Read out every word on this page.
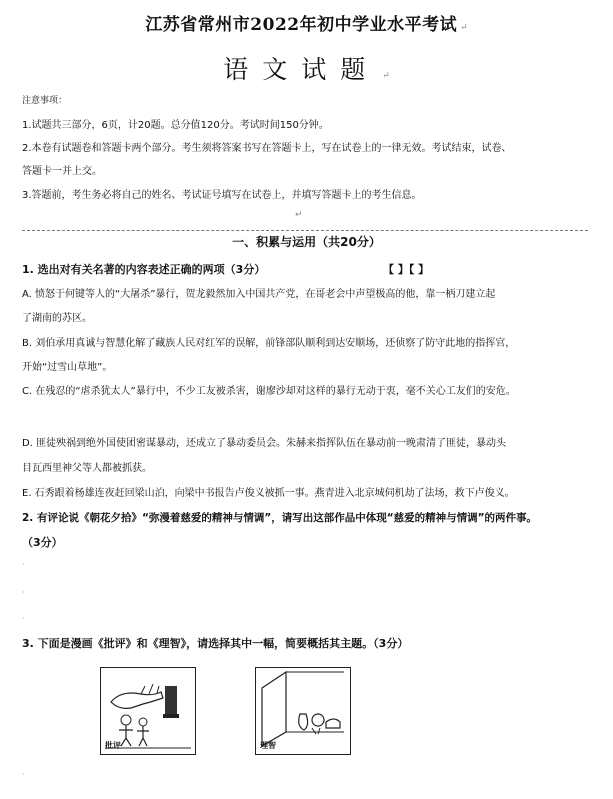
江苏省常州市2022年初中学业水平考试 ↵
语文试题 ↵
注意事项：
1.试题共三部分，6页，计20题。总分值120分。考试时间150分钟。
2.本卷有试题卷和答题卡两个部分。考生须将答案书写在答题卡上，写在试卷上的一律无效。考试结束，试卷、
答题卡一并上交。
3.答题前，考生务必将自己的姓名、考试证号填写在试卷上，并填写答题卡上的考生信息。
↵
一、积累与运用（共20分）
1. 选出对有关名著的内容表述正确的两项（3分）	【 】【 】
A. 愤怒于何键等人的“大屠杀”暴行，贺龙毅然加入中国共产党，在哥老会中声望极高的他，靠一柄刀建立起
了湖南的苏区。
B. 刘伯承用真诚与智慧化解了藏族人民对红军的误解，前锋部队顺利到达安顺场，还侦察了防守此地的指挥官，
开始“过雪山草地”。
C. 在残忍的“虐杀犹太人”暴行中，不少工友被杀害，谢廖沙却对这样的暴行无动于衷，毫不关心工友们的安危。
D. 匪徒殃祸到绝外国使团密谋暴动，还成立了暴动委员会。朱赫来指挥队伍在暴动前一晚肃清了匪徒，暴动头
目瓦西里神父等人都被抓获。
E. 石秀跟着杨雄连夜赶回梁山泊，向梁中书报告卢俊义被抓一事。燕青进入北京城伺机劫了法场，救下卢俊义。
2. 有评论说《朝花夕拾》“弥漫着慈爱的精神与情调”，请写出这部作品中体现“慈爱的精神与情调”的两件事。
（3分）
·
·
·
3. 下面是漫画《批评》和《理智》，请选择其中一幅，简要概括其主题。（3分）
批评	理智
·
